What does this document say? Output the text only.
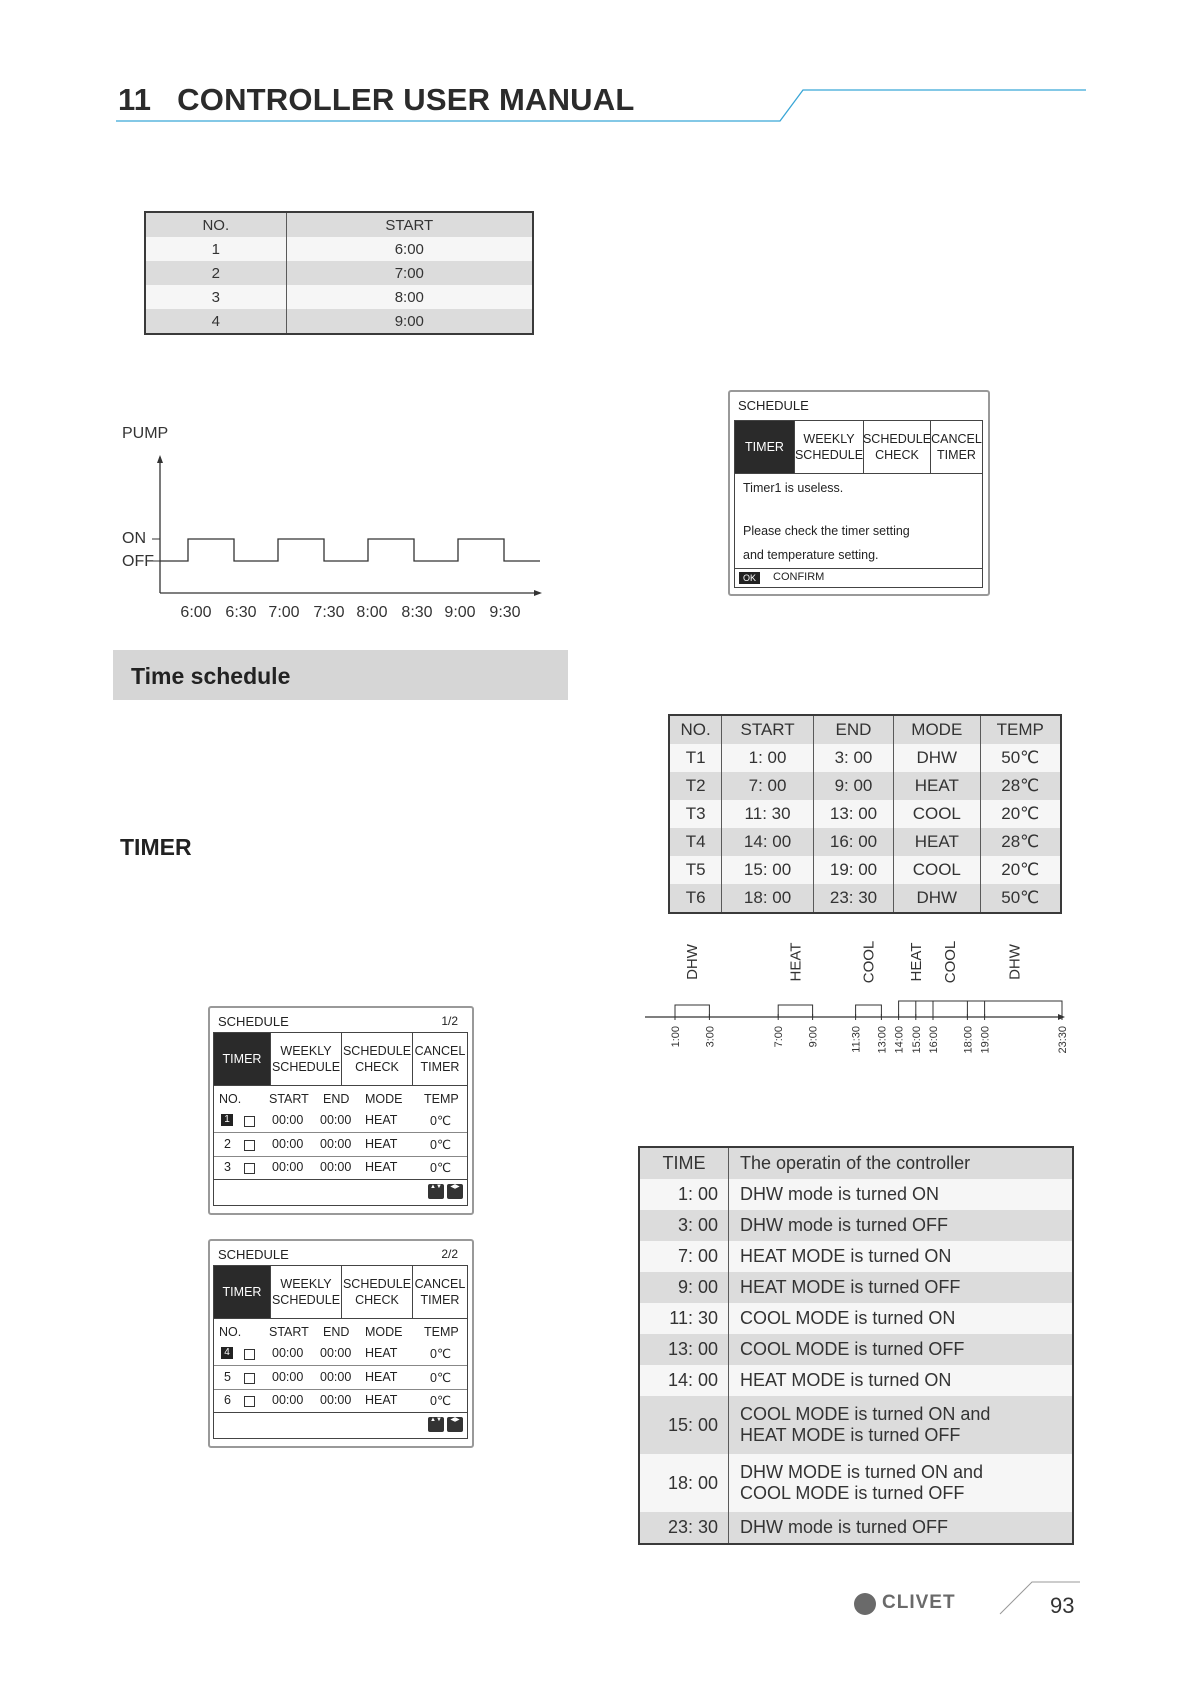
11 CONTROLLER USER MANUAL
NO.	START
1	6:00
2	7:00
3	8:00
4	9:00
PUMP
ON
OFF
6:00 6:30 7:00 7:30 8:00 8:30 9:00 9:30
Time schedule
TIMER
SCHEDULE
TIMER
WEEKLY
SCHEDULE
SCHEDULE
CHECK
CANCEL
TIMER
Timer1 is useless.
Please check the timer setting
and temperature setting.
OK	CONFIRM
SCHEDULE	1/2
TIMER
WEEKLY
SCHEDULE
SCHEDULE
CHECK
CANCEL
TIMER
NO. START END MODE TEMP
1	00:00 00:00 HEAT	0℃
2	00:00 00:00 HEAT	0℃
3	00:00 00:00 HEAT	0℃
▲▼	◀▶
SCHEDULE	2/2
TIMER
WEEKLY
SCHEDULE
SCHEDULE
CHECK
CANCEL
TIMER
NO. START END MODE TEMP
4	00:00 00:00 HEAT	0℃
5	00:00 00:00 HEAT	0℃
6	00:00 00:00 HEAT	0℃
▲▼	◀▶
NO.	START	END	MODE	TEMP
T1	1: 00	3: 00	DHW	50℃
T2	7: 00	9: 00	HEAT	28℃
T3	11: 30	13: 00	COOL	20℃
T4	14: 00	16: 00	HEAT	28℃
T5	15: 00	19: 00	COOL	20℃
T6	18: 00	23: 30	DHW	50℃
DHW	HEAT	COOL HEAT COOL	DHW
1:00 3:00	7:00 9:00	11:30 13:00 14:00 15:00 16:00 18:00 19:00	23:30
TIME	The operatin of the controller
1: 00	DHW mode is turned ON
3: 00	DHW mode is turned OFF
7: 00	HEAT MODE is turned ON
9: 00	HEAT MODE is turned OFF
11: 30	COOL MODE is turned ON
13: 00	COOL MODE is turned OFF
14: 00	HEAT MODE is turned ON
15: 00	COOL MODE is turned ON and HEAT MODE is turned OFF
18: 00	DHW MODE is turned ON and COOL MODE is turned OFF
23: 30	DHW mode is turned OFF
CLIVET	93
